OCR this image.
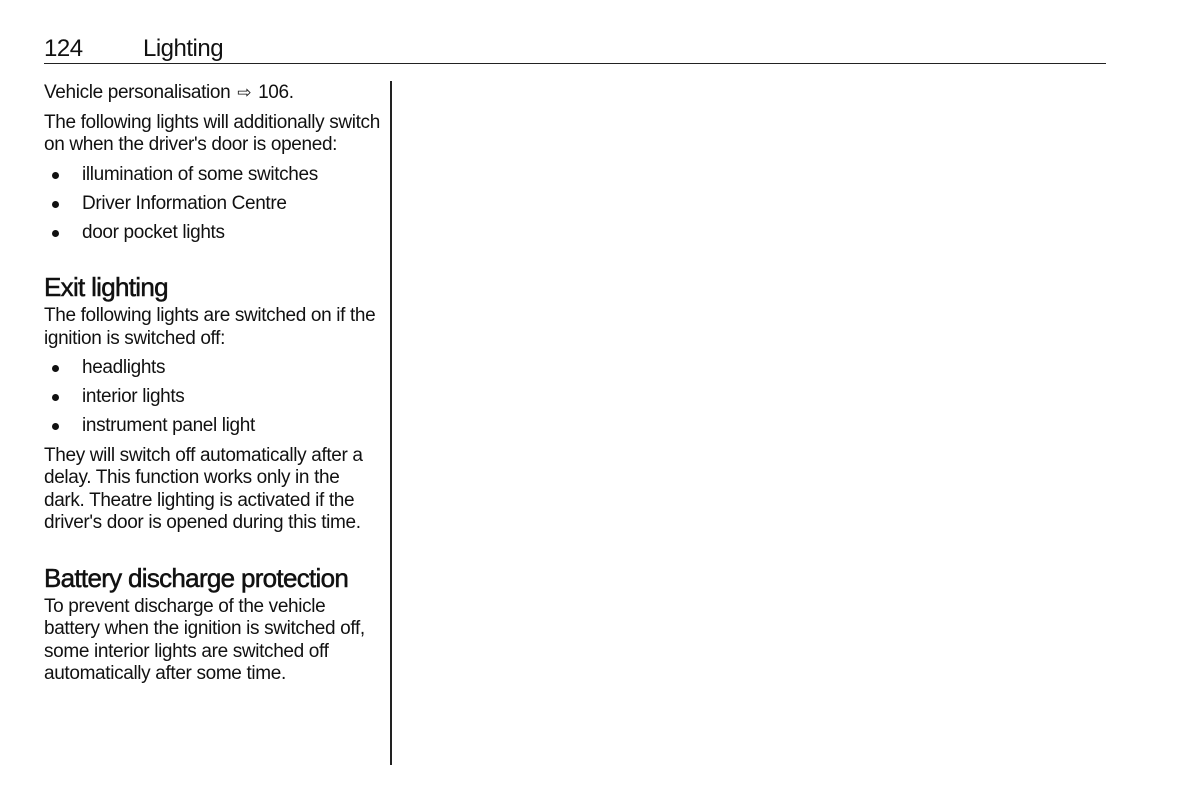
124	Lighting

Vehicle personalisation ⇨ 106.

The following lights will additionally switch on when the driver's door is opened:

illumination of some switches
Driver Information Centre
door pocket lights
Exit lighting

The following lights are switched on if the ignition is switched off:

headlights
interior lights
instrument panel light

They will switch off automatically after a delay. This function works only in the dark. Theatre lighting is activated if the driver's door is opened during this time.

Battery discharge protection

To prevent discharge of the vehicle battery when the ignition is switched off, some interior lights are switched off automatically after some time.
